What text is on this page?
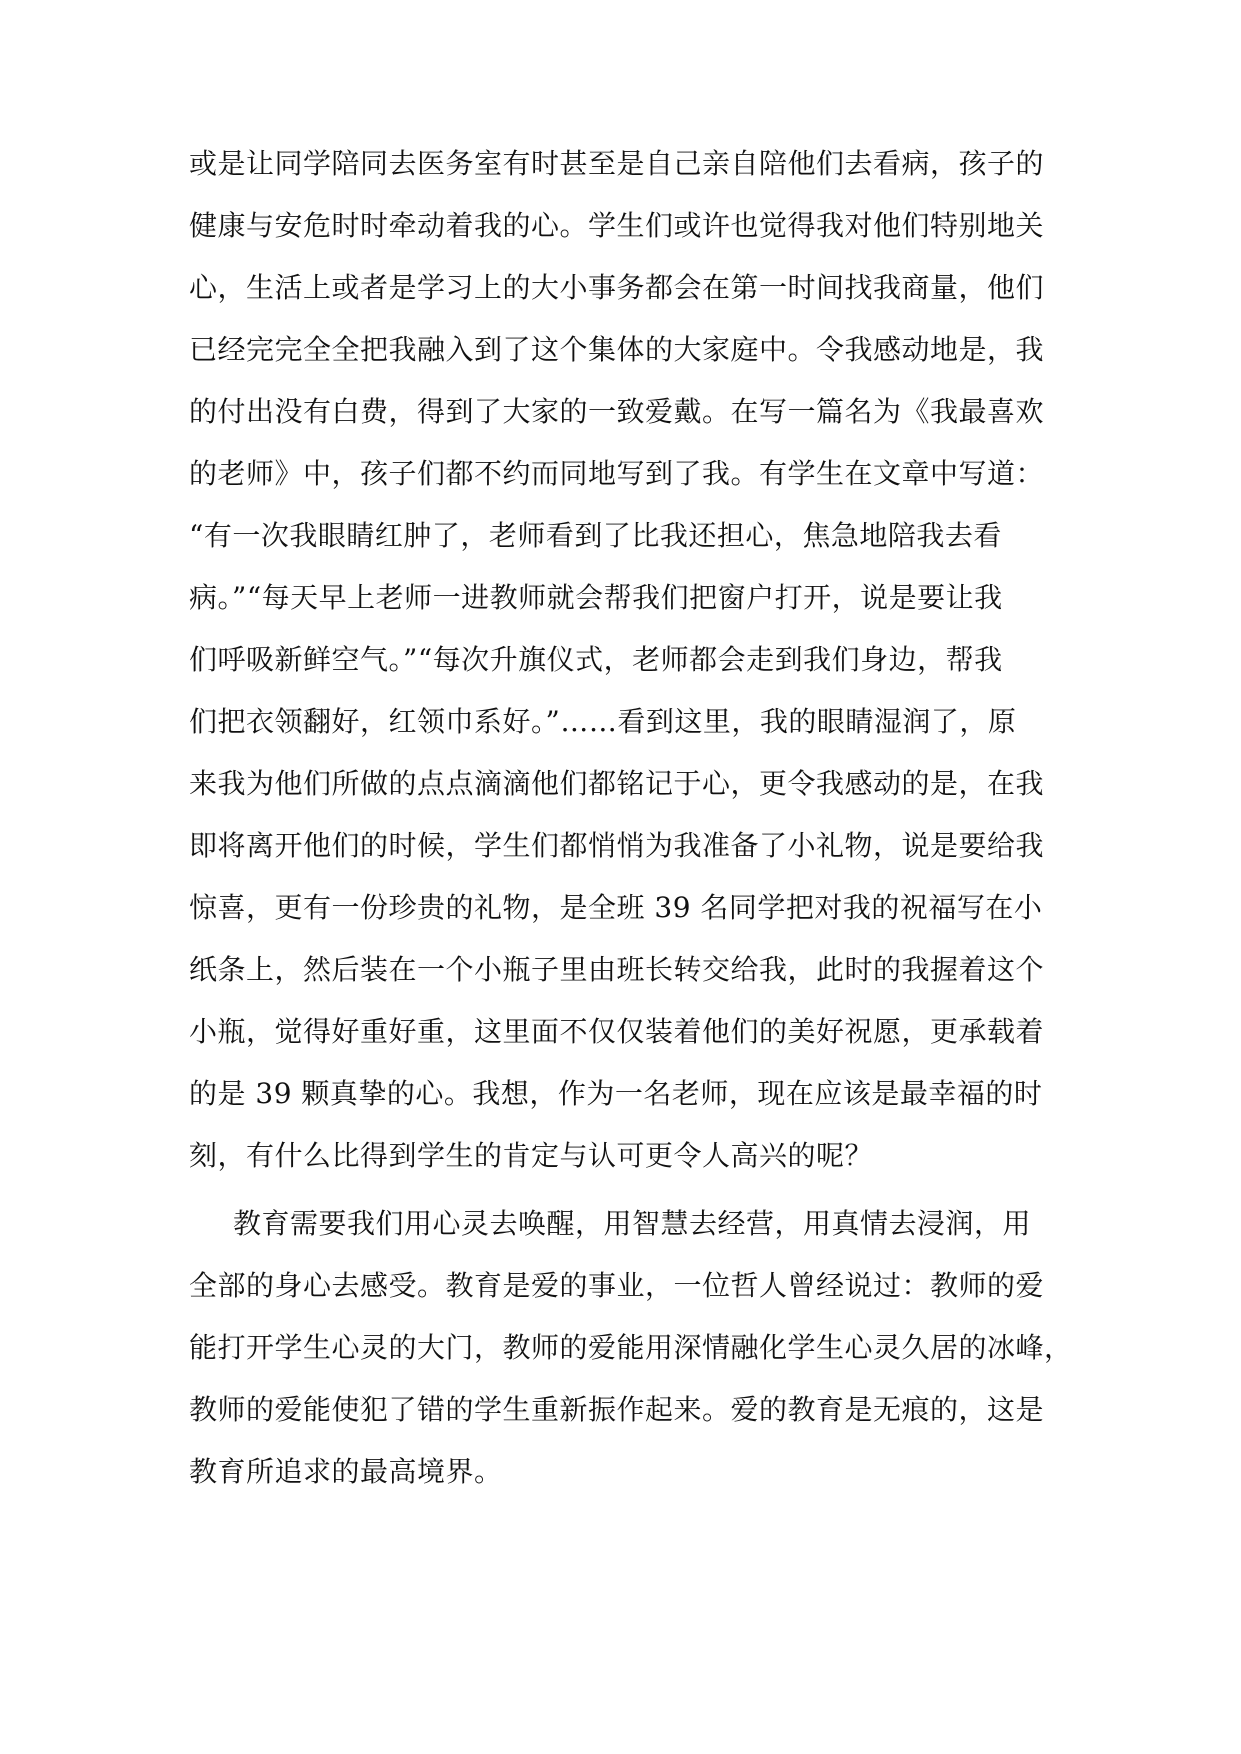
或是让同学陪同去医务室有时甚至是自己亲自陪他们去看病，孩子的
健康与安危时时牵动着我的心。学生们或许也觉得我对他们特别地关
心，生活上或者是学习上的大小事务都会在第一时间找我商量，他们
已经完完全全把我融入到了这个集体的大家庭中。令我感动地是，我
的付出没有白费，得到了大家的一致爱戴。在写一篇名为《我最喜欢
的老师》中，孩子们都不约而同地写到了我。有学生在文章中写道：
“有一次我眼睛红肿了，老师看到了比我还担心，焦急地陪我去看
病。”“每天早上老师一进教师就会帮我们把窗户打开，说是要让我
们呼吸新鲜空气。”“每次升旗仪式，老师都会走到我们身边，帮我
们把衣领翻好，红领巾系好。”……看到这里，我的眼睛湿润了，原
来我为他们所做的点点滴滴他们都铭记于心，更令我感动的是，在我
即将离开他们的时候，学生们都悄悄为我准备了小礼物，说是要给我
惊喜，更有一份珍贵的礼物，是全班 39 名同学把对我的祝福写在小
纸条上，然后装在一个小瓶子里由班长转交给我，此时的我握着这个
小瓶，觉得好重好重，这里面不仅仅装着他们的美好祝愿，更承载着
的是 39 颗真挚的心。我想，作为一名老师，现在应该是最幸福的时
刻，有什么比得到学生的肯定与认可更令人高兴的呢？
教育需要我们用心灵去唤醒，用智慧去经营，用真情去浸润，用
全部的身心去感受。教育是爱的事业，一位哲人曾经说过：教师的爱
能打开学生心灵的大门，教师的爱能用深情融化学生心灵久居的冰峰，
教师的爱能使犯了错的学生重新振作起来。爱的教育是无痕的，这是
教育所追求的最高境界。
